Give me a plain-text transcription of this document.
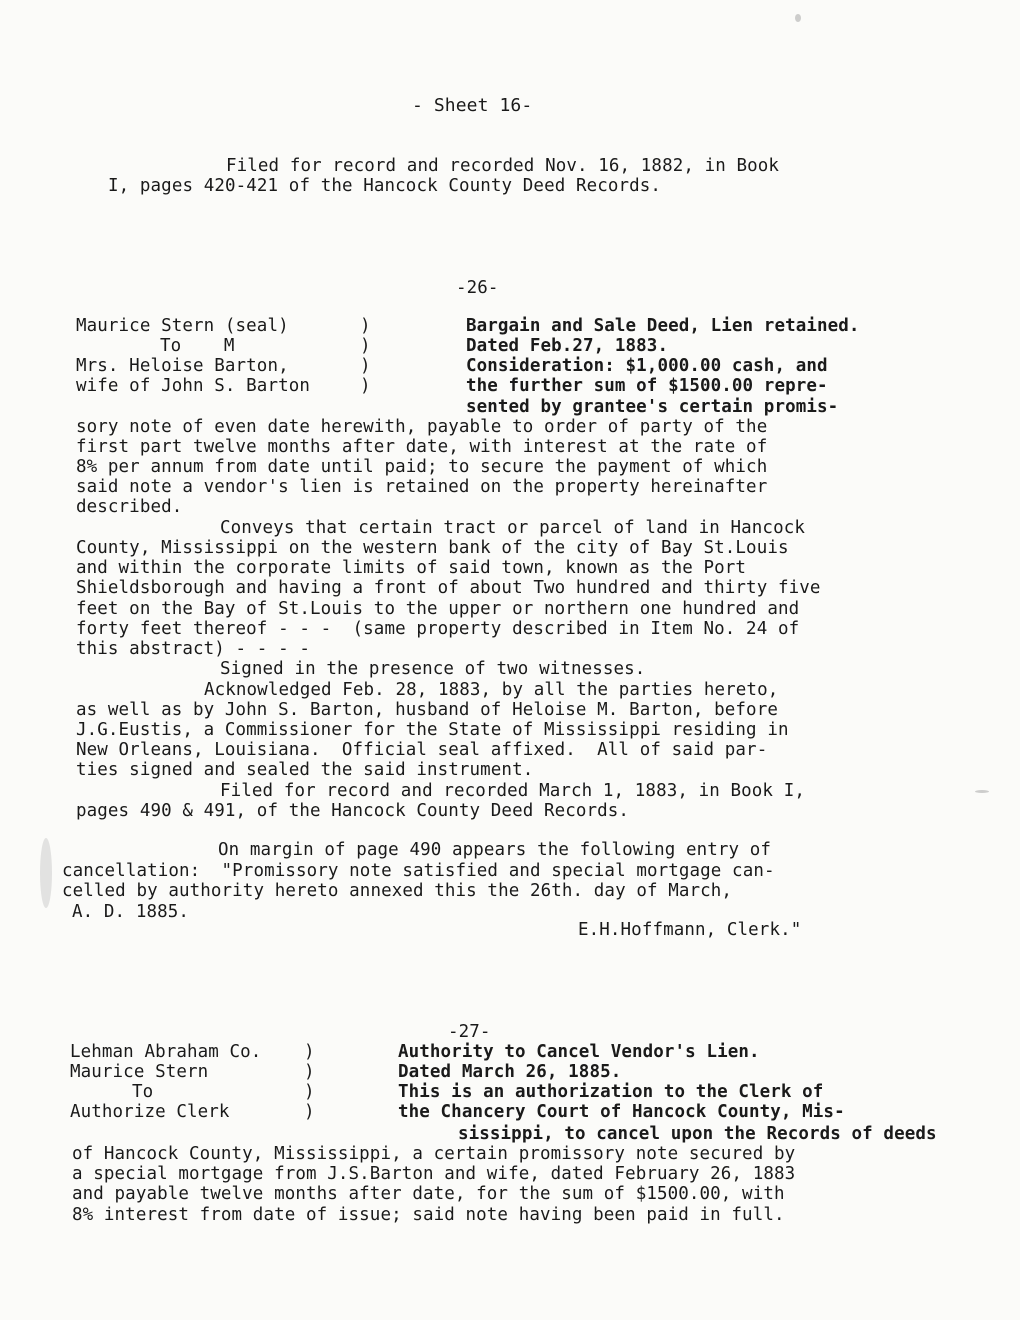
- Sheet 16-
Filed for record and recorded Nov. 16, 1882, in Book
I, pages 420-421 of the Hancock County Deed Records.
-26-
Maurice Stern (seal)
To    M
Mrs. Heloise Barton,
wife of John S. Barton
)
)
)
)
Bargain and Sale Deed, Lien retained.
Dated Feb.27, 1883.
Consideration: $1,000.00 cash, and
the further sum of $1500.00 repre-
sented by grantee's certain promis-
sory note of even date herewith, payable to order of party of the
first part twelve months after date, with interest at the rate of
8% per annum from date until paid; to secure the payment of which
said note a vendor's lien is retained on the property hereinafter
described.
Conveys that certain tract or parcel of land in Hancock
County, Mississippi on the western bank of the city of Bay St.Louis
and within the corporate limits of said town, known as the Port
Shieldsborough and having a front of about Two hundred and thirty five
feet on the Bay of St.Louis to the upper or northern one hundred and
forty feet thereof - - -  (same property described in Item No. 24 of
this abstract) - - - -
Signed in the presence of two witnesses.
Acknowledged Feb. 28, 1883, by all the parties hereto,
as well as by John S. Barton, husband of Heloise M. Barton, before
J.G.Eustis, a Commissioner for the State of Mississippi residing in
New Orleans, Louisiana.  Official seal affixed.  All of said par-
ties signed and sealed the said instrument.
Filed for record and recorded March 1, 1883, in Book I,
pages 490 & 491, of the Hancock County Deed Records.
On margin of page 490 appears the following entry of
cancellation:  "Promissory note satisfied and special mortgage can-
celled by authority hereto annexed this the 26th. day of March,
A. D. 1885.
E.H.Hoffmann, Clerk."
-27-
Lehman Abraham Co.
Maurice Stern
To
Authorize Clerk
)
)
)
)
Authority to Cancel Vendor's Lien.
Dated March 26, 1885.
This is an authorization to the Clerk of
the Chancery Court of Hancock County, Mis-
sissippi, to cancel upon the Records of deeds
of Hancock County, Mississippi, a certain promissory note secured by
a special mortgage from J.S.Barton and wife, dated February 26, 1883
and payable twelve months after date, for the sum of $1500.00, with
8% interest from date of issue; said note having been paid in full.
